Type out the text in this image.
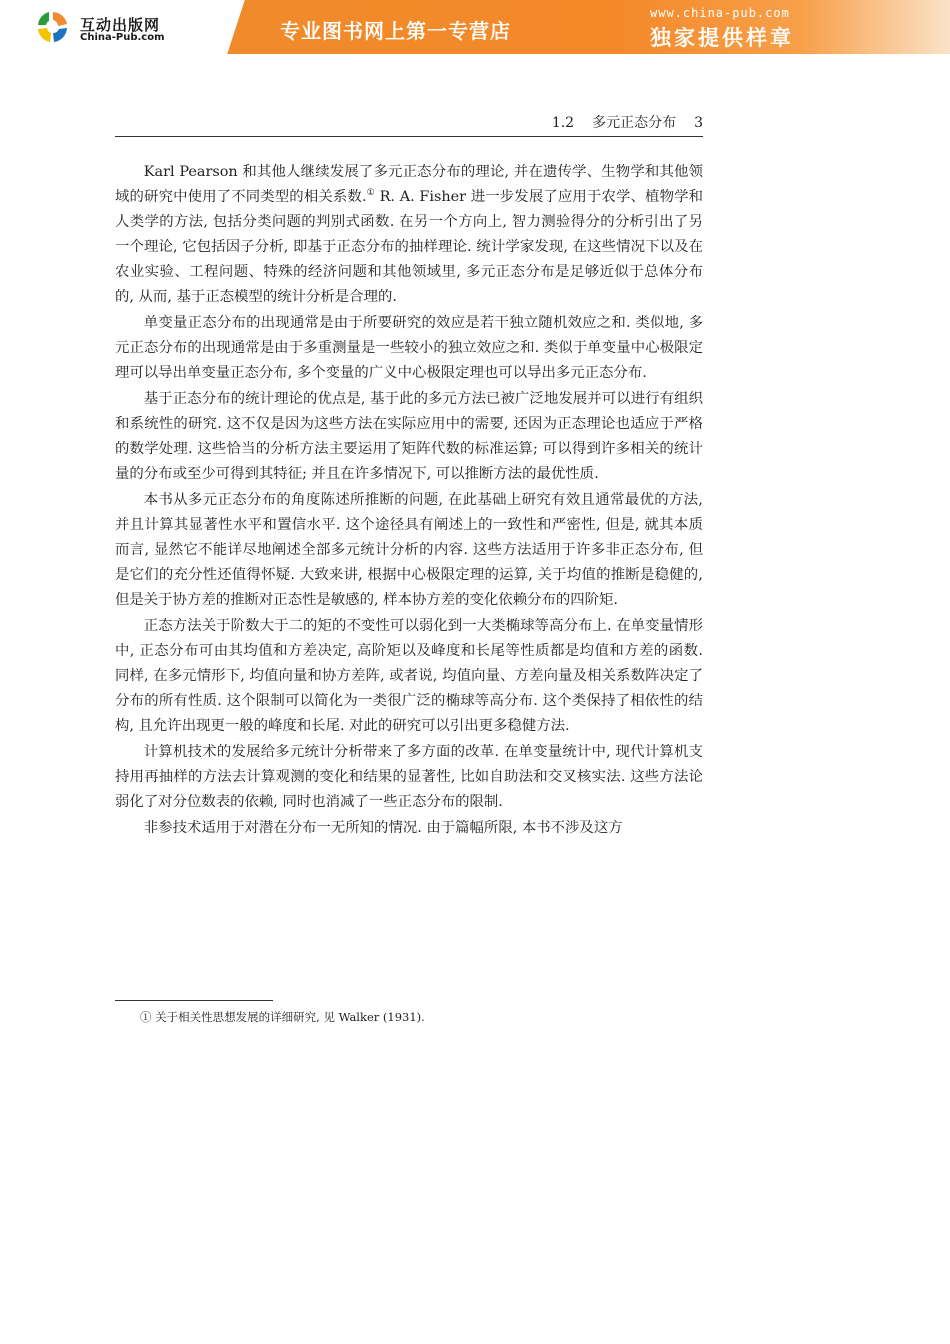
互动出版网
China-Pub.com	专业图书网上第一专营店
www.china-pub.com
独家提供样章
1.2 多元正态分布 3

Karl Pearson 和其他人继续发展了多元正态分布的理论, 并在遗传学、生物学和其他领域的研究中使用了不同类型的相关系数.① R. A. Fisher 进一步发展了应用于农学、植物学和人类学的方法, 包括分类问题的判别式函数. 在另一个方向上, 智力测验得分的分析引出了另一个理论, 它包括因子分析, 即基于正态分布的抽样理论. 统计学家发现, 在这些情况下以及在农业实验、工程问题、特殊的经济问题和其他领域里, 多元正态分布是足够近似于总体分布的, 从而, 基于正态模型的统计分析是合理的.

单变量正态分布的出现通常是由于所要研究的效应是若干独立随机效应之和. 类似地, 多元正态分布的出现通常是由于多重测量是一些较小的独立效应之和. 类似于单变量中心极限定理可以导出单变量正态分布, 多个变量的广义中心极限定理也可以导出多元正态分布.

基于正态分布的统计理论的优点是, 基于此的多元方法已被广泛地发展并可以进行有组织和系统性的研究. 这不仅是因为这些方法在实际应用中的需要, 还因为正态理论也适应于严格的数学处理. 这些恰当的分析方法主要运用了矩阵代数的标准运算; 可以得到许多相关的统计量的分布或至少可得到其特征; 并且在许多情况下, 可以推断方法的最优性质.

本书从多元正态分布的角度陈述所推断的问题, 在此基础上研究有效且通常最优的方法, 并且计算其显著性水平和置信水平. 这个途径具有阐述上的一致性和严密性, 但是, 就其本质而言, 显然它不能详尽地阐述全部多元统计分析的内容. 这些方法适用于许多非正态分布, 但是它们的充分性还值得怀疑. 大致来讲, 根据中心极限定理的运算, 关于均值的推断是稳健的, 但是关于协方差的推断对正态性是敏感的, 样本协方差的变化依赖分布的四阶矩.

正态方法关于阶数大于二的矩的不变性可以弱化到一大类椭球等高分布上. 在单变量情形中, 正态分布可由其均值和方差决定, 高阶矩以及峰度和长尾等性质都是均值和方差的函数. 同样, 在多元情形下, 均值向量和协方差阵, 或者说, 均值向量、方差向量及相关系数阵决定了分布的所有性质. 这个限制可以简化为一类很广泛的椭球等高分布. 这个类保持了相依性的结构, 且允许出现更一般的峰度和长尾. 对此的研究可以引出更多稳健方法.

计算机技术的发展给多元统计分析带来了多方面的改革. 在单变量统计中, 现代计算机支持用再抽样的方法去计算观测的变化和结果的显著性, 比如自助法和交叉核实法. 这些方法论弱化了对分位数表的依赖, 同时也消减了一些正态分布的限制.

非参技术适用于对潜在分布一无所知的情况. 由于篇幅所限, 本书不涉及这方

① 关于相关性思想发展的详细研究, 见 Walker (1931).
